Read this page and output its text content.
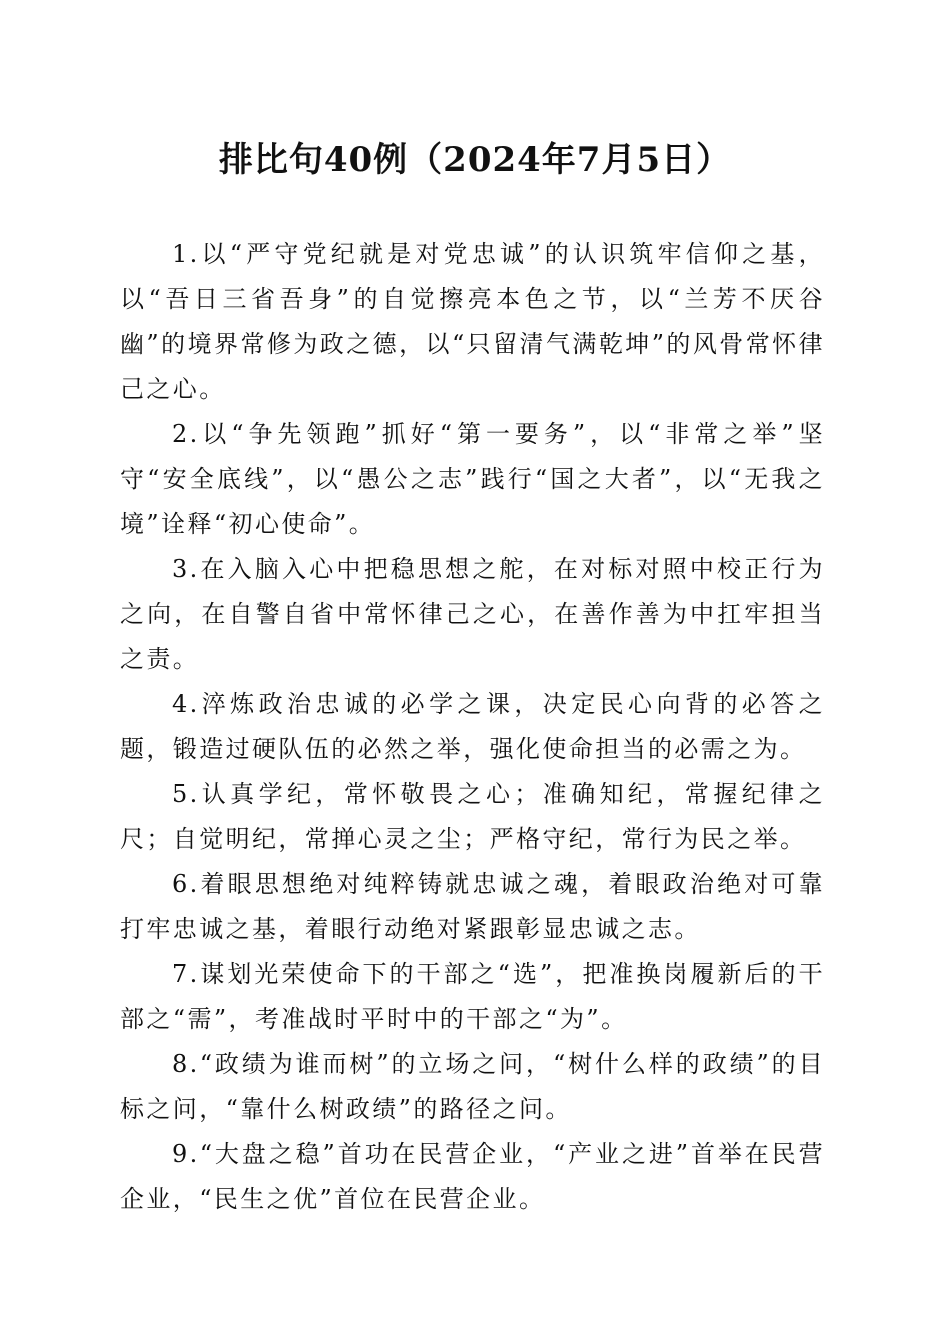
排比句40例（2024年7月5日）

1.以“严守党纪就是对党忠诚”的认识筑牢信仰之基，以“吾日三省吾身”的自觉擦亮本色之节，以“兰芳不厌谷幽”的境界常修为政之德，以“只留清气满乾坤”的风骨常怀律己之心。

2.以“争先领跑”抓好“第一要务”，以“非常之举”坚守“安全底线”，以“愚公之志”践行“国之大者”，以“无我之境”诠释“初心使命”。

3.在入脑入心中把稳思想之舵，在对标对照中校正行为之向，在自警自省中常怀律己之心，在善作善为中扛牢担当之责。

4.淬炼政治忠诚的必学之课，决定民心向背的必答之题，锻造过硬队伍的必然之举，强化使命担当的必需之为。

5.认真学纪，常怀敬畏之心；准确知纪，常握纪律之尺；自觉明纪，常掸心灵之尘；严格守纪，常行为民之举。

6.着眼思想绝对纯粹铸就忠诚之魂，着眼政治绝对可靠打牢忠诚之基，着眼行动绝对紧跟彰显忠诚之志。

7.谋划光荣使命下的干部之“选”，把准换岗履新后的干部之“需”，考准战时平时中的干部之“为”。

8.“政绩为谁而树”的立场之问，“树什么样的政绩”的目标之问，“靠什么树政绩”的路径之问。

9.“大盘之稳”首功在民营企业，“产业之进”首举在民营企业，“民生之优”首位在民营企业。
